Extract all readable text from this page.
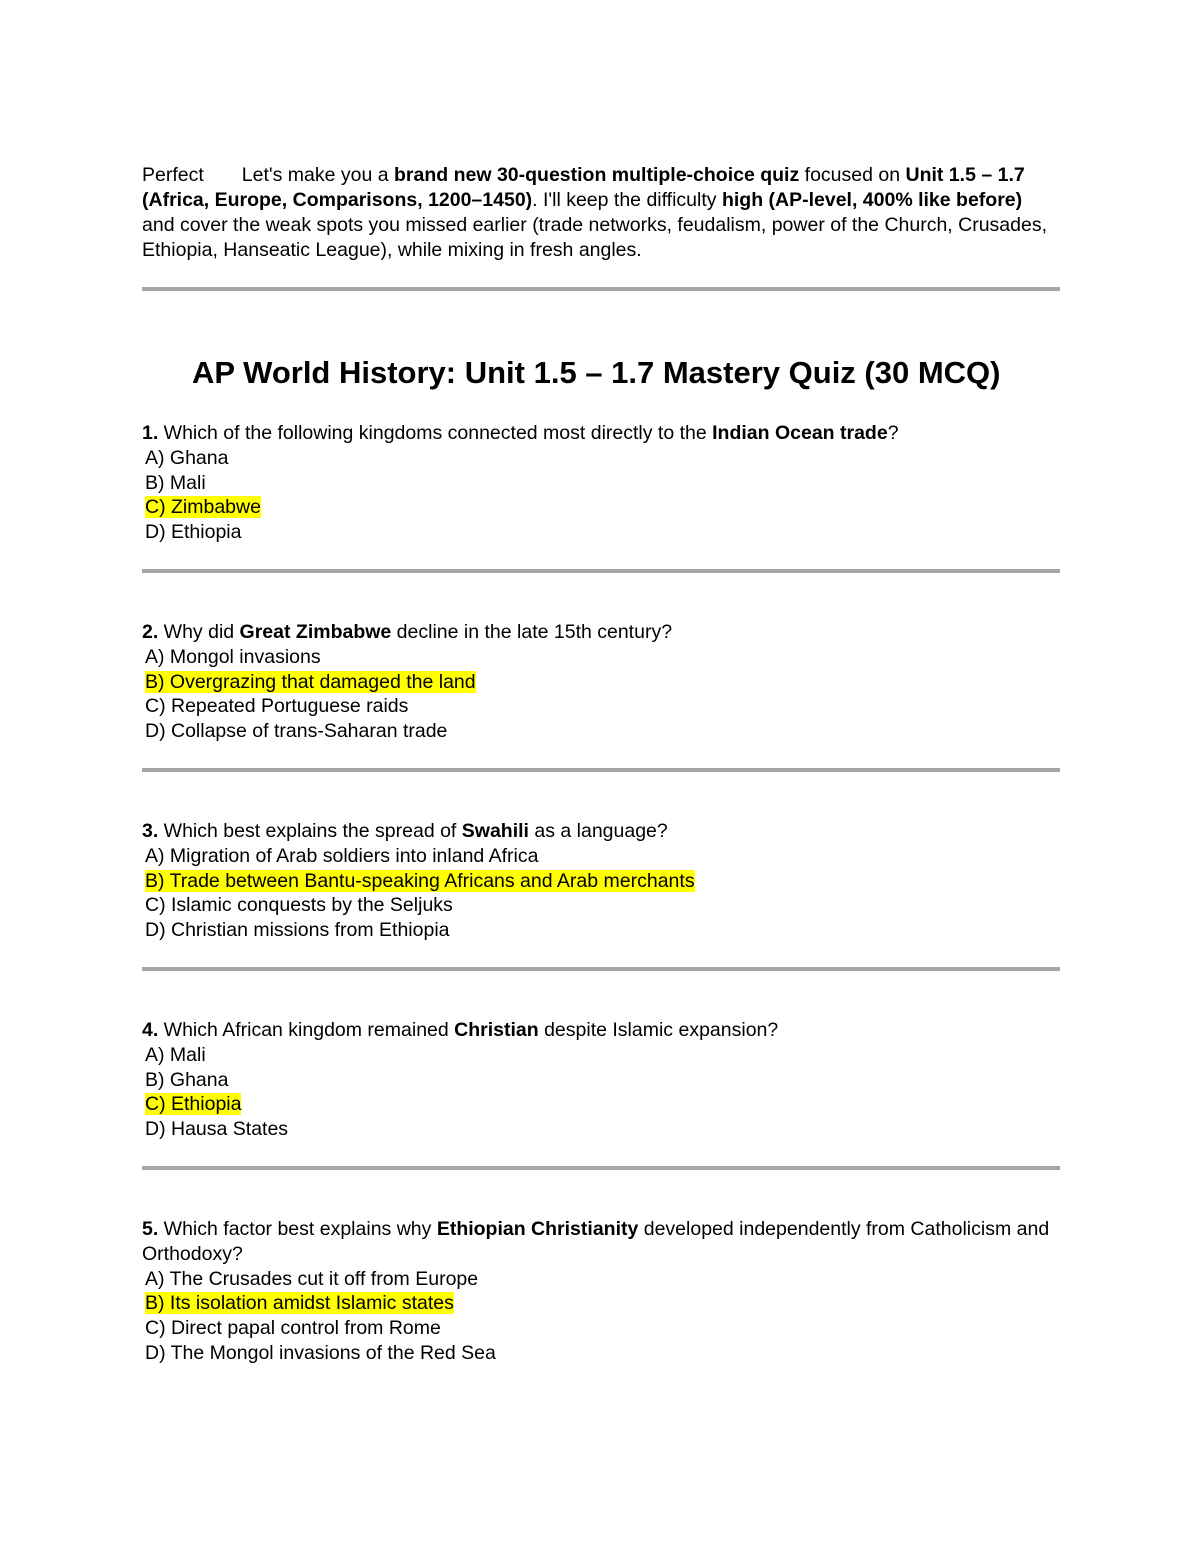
Perfect Let's make you a brand new 30-question multiple-choice quiz focused on Unit 1.5 – 1.7 (Africa, Europe, Comparisons, 1200–1450). I'll keep the difficulty high (AP-level, 400% like before) and cover the weak spots you missed earlier (trade networks, feudalism, power of the Church, Crusades, Ethiopia, Hanseatic League), while mixing in fresh angles.

AP World History: Unit 1.5 – 1.7 Mastery Quiz (30 MCQ)

1. Which of the following kingdoms connected most directly to the Indian Ocean trade?

A) Ghana

B) Mali

C) Zimbabwe

D) Ethiopia

2. Why did Great Zimbabwe decline in the late 15th century?

A) Mongol invasions

B) Overgrazing that damaged the land

C) Repeated Portuguese raids

D) Collapse of trans-Saharan trade

3. Which best explains the spread of Swahili as a language?

A) Migration of Arab soldiers into inland Africa

B) Trade between Bantu-speaking Africans and Arab merchants

C) Islamic conquests by the Seljuks

D) Christian missions from Ethiopia

4. Which African kingdom remained Christian despite Islamic expansion?

A) Mali

B) Ghana

C) Ethiopia

D) Hausa States

5. Which factor best explains why Ethiopian Christianity developed independently from Catholicism and Orthodoxy?

A) The Crusades cut it off from Europe

B) Its isolation amidst Islamic states

C) Direct papal control from Rome

D) The Mongol invasions of the Red Sea
